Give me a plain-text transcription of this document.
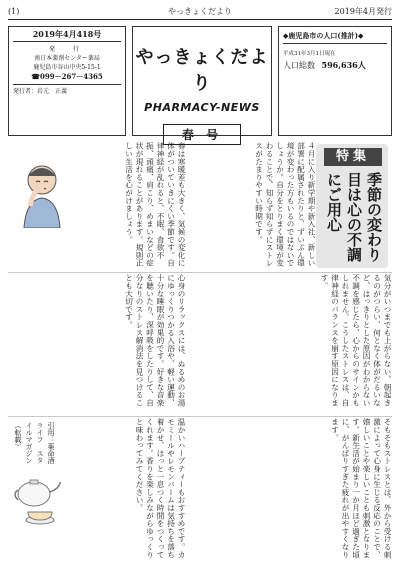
(1)	やっきょくだより	2019年4月発行
2019年4月418号
発　行
南日本薬剤センター薬局
鹿児島市谷山中央5-15-1
☎099－267－4365
発行者：岩元　正義
やっきょくだより
PHARMACY-NEWS
春 号
◆鹿児島市の人口(推計)◆
平成31年3月1日現在
人口総数 596,636人
特集
季節の変わり目は心の不調にご用心
４月に入り新学期や新入社、新しい部署に配属されたりと、ずいぶん環境が変わった方もいるのではないでしょうか。自分をとりまく環境が変わることで、知らず知らずにストレスがたまりやすい時期です。
気分がいつまでも上がらない、朝起きるのがつらい、何となく体がだるいなど、はっきりとした原因がわからない不調を感じたら、心からのサインかもしれません。こうしたストレスは、自律神経のバランスを崩す原因になります。
そもそもストレスとは、外から受ける刺激によって心身に生じる反応のことで、嬉しいことや楽しいことも刺激となります。新生活が始まり一か月ほど過ぎた頃に、がんばりすぎた疲れが出やすくなります。
春は寒暖差も大きく、気候の変化に体がついていきにくい季節です。自律神経が乱れると、不眠、食欲不振、頭痛、肩こり、めまいなどの症状が現れることがあります。規則正しい生活を心がけましょう。
心身のリラックスには、ぬるめのお湯にゆっくりつかる入浴や、軽い運動、十分な睡眠が効果的です。好きな音楽を聴いたり、深呼吸をしたりして、自分なりのストレス解消法を見つけることも大切です。
温かいハーブティーもおすすめです。カモミールやレモンバームは気持ちを落ち着かせ、ほっと一息つく時間をつくってくれます。香りを楽しみながらゆっくりと味わってみてください。
引用：薬命酒ライフ　スタイルマガジン　（転載）
